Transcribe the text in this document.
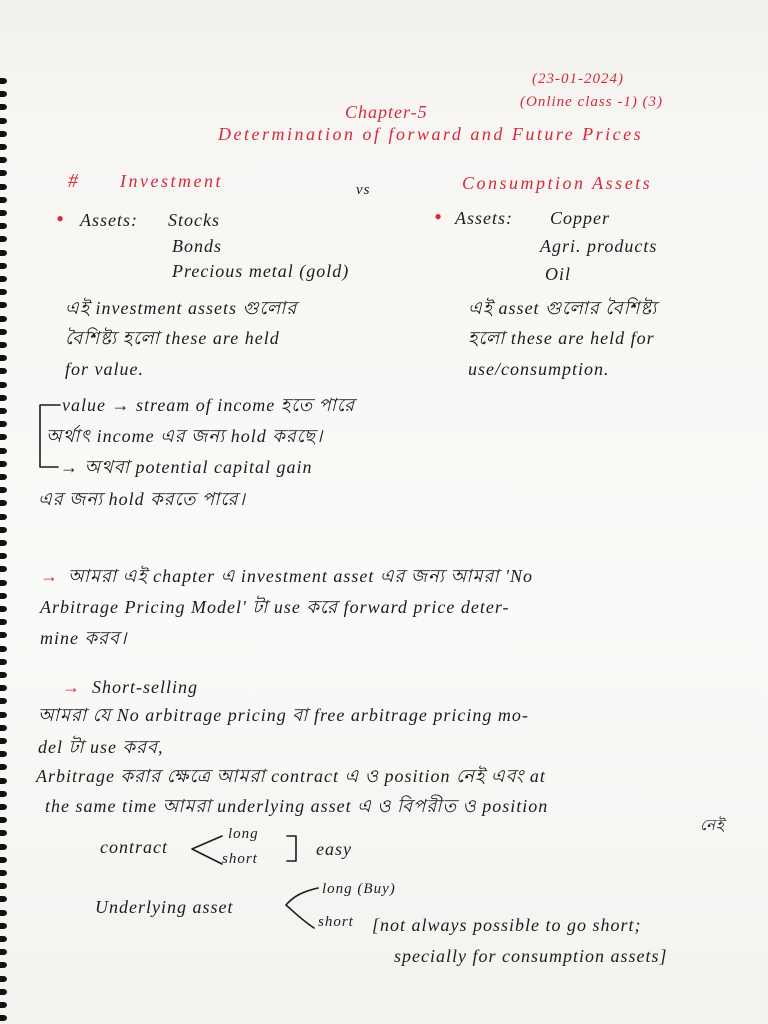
(23-01-2024)
(Online class -1) (3)
Chapter-5
Determination of forward and Future Prices
# Investment	vs	Consumption Assets
• Assets: Stocks
Bonds
Precious metal (gold)
• Assets: Copper
Agri. products
Oil
এই investment assets গুলোর
বৈশিষ্ট্য হলো these are held
for value.
এই asset গুলোর বৈশিষ্ট্য
হলো these are held for
use/consumption.
value → stream of income হতে পারে
অর্থাৎ income এর জন্য hold করছে।
→ অথবা potential capital gain
এর জন্য hold করতে পারে।
→ আমরা এই chapter এ investment asset এর জন্য আমরা 'No
Arbitrage Pricing Model' টা use করে forward price deter-
mine করব।
→ Short-selling
আমরা যে No arbitrage pricing বা free arbitrage pricing mo-
del টা use করব,
Arbitrage করার ক্ষেত্রে আমরা contract এ ও position নেই এবং at
the same time আমরা underlying asset এ ও বিপরীত ও position
নেই
contract
long
short	easy
Underlying asset
long (Buy)
short [not always possible to go short;
specially for consumption assets]
